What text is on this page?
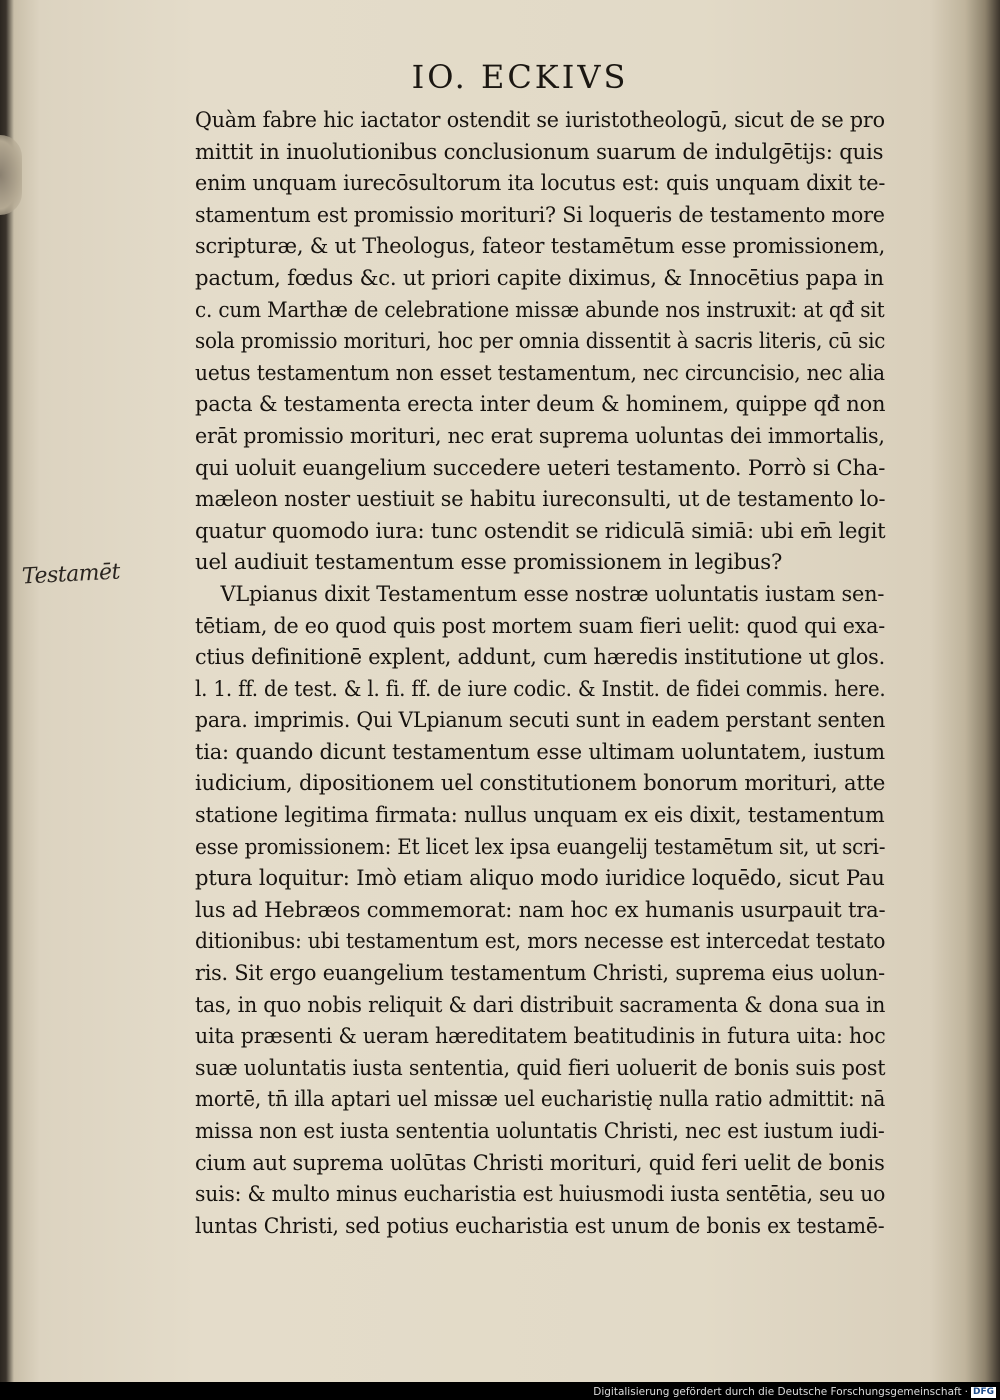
IO. ECKIVS
Testamēt
Quàm fabre hic iactator ostendit se iuristotheologū, sicut de se pro
mittit in inuolutionibus conclusionum suarum de indulgētijs: quis
enim unquam iurecōsultorum ita locutus est: quis unquam dixit te-
stamentum est promissio morituri? Si loqueris de testamento more
scripturæ, & ut Theologus, fateor testamētum esse promissionem,
pactum, fœdus &c. ut priori capite diximus, & Innocētius papa in
c. cum Marthæ de celebratione missæ abunde nos instruxit: at qđ sit
sola promissio morituri, hoc per omnia dissentit à sacris literis, cū sic
uetus testamentum non esset testamentum, nec circuncisio, nec alia
pacta & testamenta erecta inter deum & hominem, quippe qđ non
erāt promissio morituri, nec erat suprema uoluntas dei immortalis,
qui uoluit euangelium succedere ueteri testamento. Porrò si Cha-
mæleon noster uestiuit se habitu iureconsulti, ut de testamento lo-
quatur quomodo iura: tunc ostendit se ridiculā simiā: ubi em̄ legit
uel audiuit testamentum esse promissionem in legibus?
VLpianus dixit Testamentum esse nostræ uoluntatis iustam sen-
tētiam, de eo quod quis post mortem suam fieri uelit: quod qui exa-
ctius definitionē explent, addunt, cum hæredis institutione ut glos.
l. 1. ff. de test. & l. fi. ff. de iure codic. & Instit. de fidei commis. here.
para. imprimis. Qui VLpianum secuti sunt in eadem perstant senten
tia: quando dicunt testamentum esse ultimam uoluntatem, iustum
iudicium, dipositionem uel constitutionem bonorum morituri, atte
statione legitima firmata: nullus unquam ex eis dixit, testamentum
esse promissionem: Et licet lex ipsa euangelij testamētum sit, ut scri-
ptura loquitur: Imò etiam aliquo modo iuridice loquēdo, sicut Pau
lus ad Hebræos commemorat: nam hoc ex humanis usurpauit tra-
ditionibus: ubi testamentum est, mors necesse est intercedat testato
ris. Sit ergo euangelium testamentum Christi, suprema eius uolun-
tas, in quo nobis reliquit & dari distribuit sacramenta & dona sua in
uita præsenti & ueram hæreditatem beatitudinis in futura uita: hoc
suæ uoluntatis iusta sententia, quid fieri uoluerit de bonis suis post
mortē, tn̄ illa aptari uel missæ uel eucharistię nulla ratio admittit: nā
missa non est iusta sententia uoluntatis Christi, nec est iustum iudi-
cium aut suprema uolūtas Christi morituri, quid feri uelit de bonis
suis: & multo minus eucharistia est huiusmodi iusta sentētia, seu uo
luntas Christi, sed potius eucharistia est unum de bonis ex testamē-
Digitalisierung gefördert durch die Deutsche Forschungsgemeinschaft · DFG
